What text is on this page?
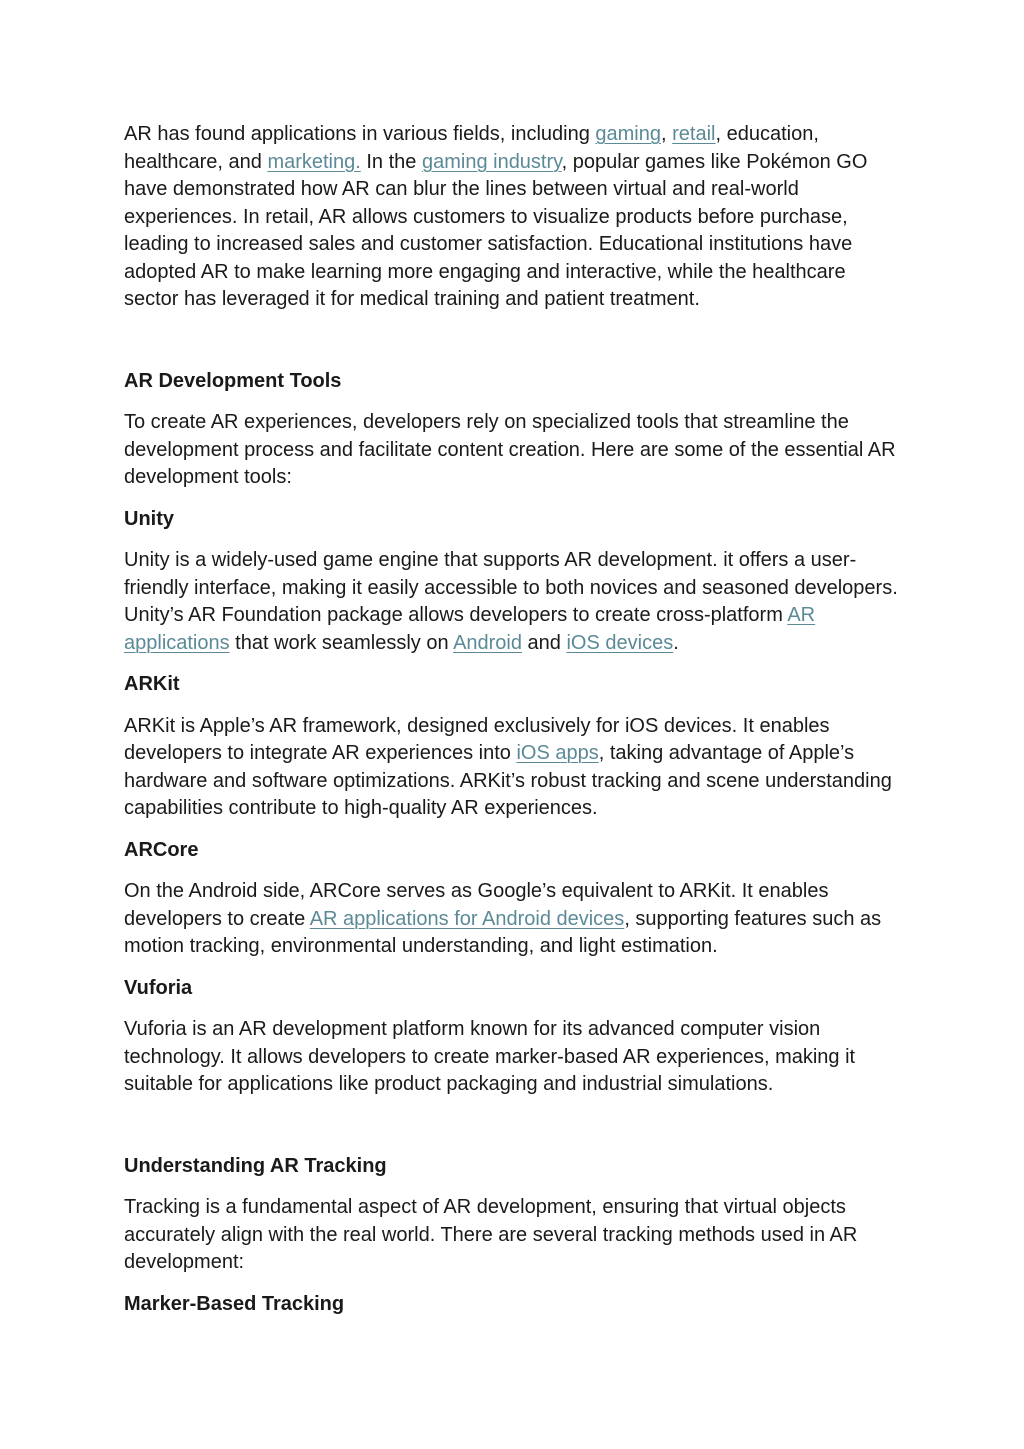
AR has found applications in various fields, including gaming, retail, education, healthcare, and marketing. In the gaming industry, popular games like Pokémon GO have demonstrated how AR can blur the lines between virtual and real-world experiences. In retail, AR allows customers to visualize products before purchase, leading to increased sales and customer satisfaction. Educational institutions have adopted AR to make learning more engaging and interactive, while the healthcare sector has leveraged it for medical training and patient treatment.

AR Development Tools

To create AR experiences, developers rely on specialized tools that streamline the development process and facilitate content creation. Here are some of the essential AR development tools:

Unity

Unity is a widely-used game engine that supports AR development. it offers a user-friendly interface, making it easily accessible to both novices and seasoned developers. Unity’s AR Foundation package allows developers to create cross-platform AR applications that work seamlessly on Android and iOS devices.

ARKit

ARKit is Apple’s AR framework, designed exclusively for iOS devices. It enables developers to integrate AR experiences into iOS apps, taking advantage of Apple’s hardware and software optimizations. ARKit’s robust tracking and scene understanding capabilities contribute to high-quality AR experiences.

ARCore

On the Android side, ARCore serves as Google’s equivalent to ARKit. It enables developers to create AR applications for Android devices, supporting features such as motion tracking, environmental understanding, and light estimation.

Vuforia

Vuforia is an AR development platform known for its advanced computer vision technology. It allows developers to create marker-based AR experiences, making it suitable for applications like product packaging and industrial simulations.

Understanding AR Tracking

Tracking is a fundamental aspect of AR development, ensuring that virtual objects accurately align with the real world. There are several tracking methods used in AR development:

Marker-Based Tracking
